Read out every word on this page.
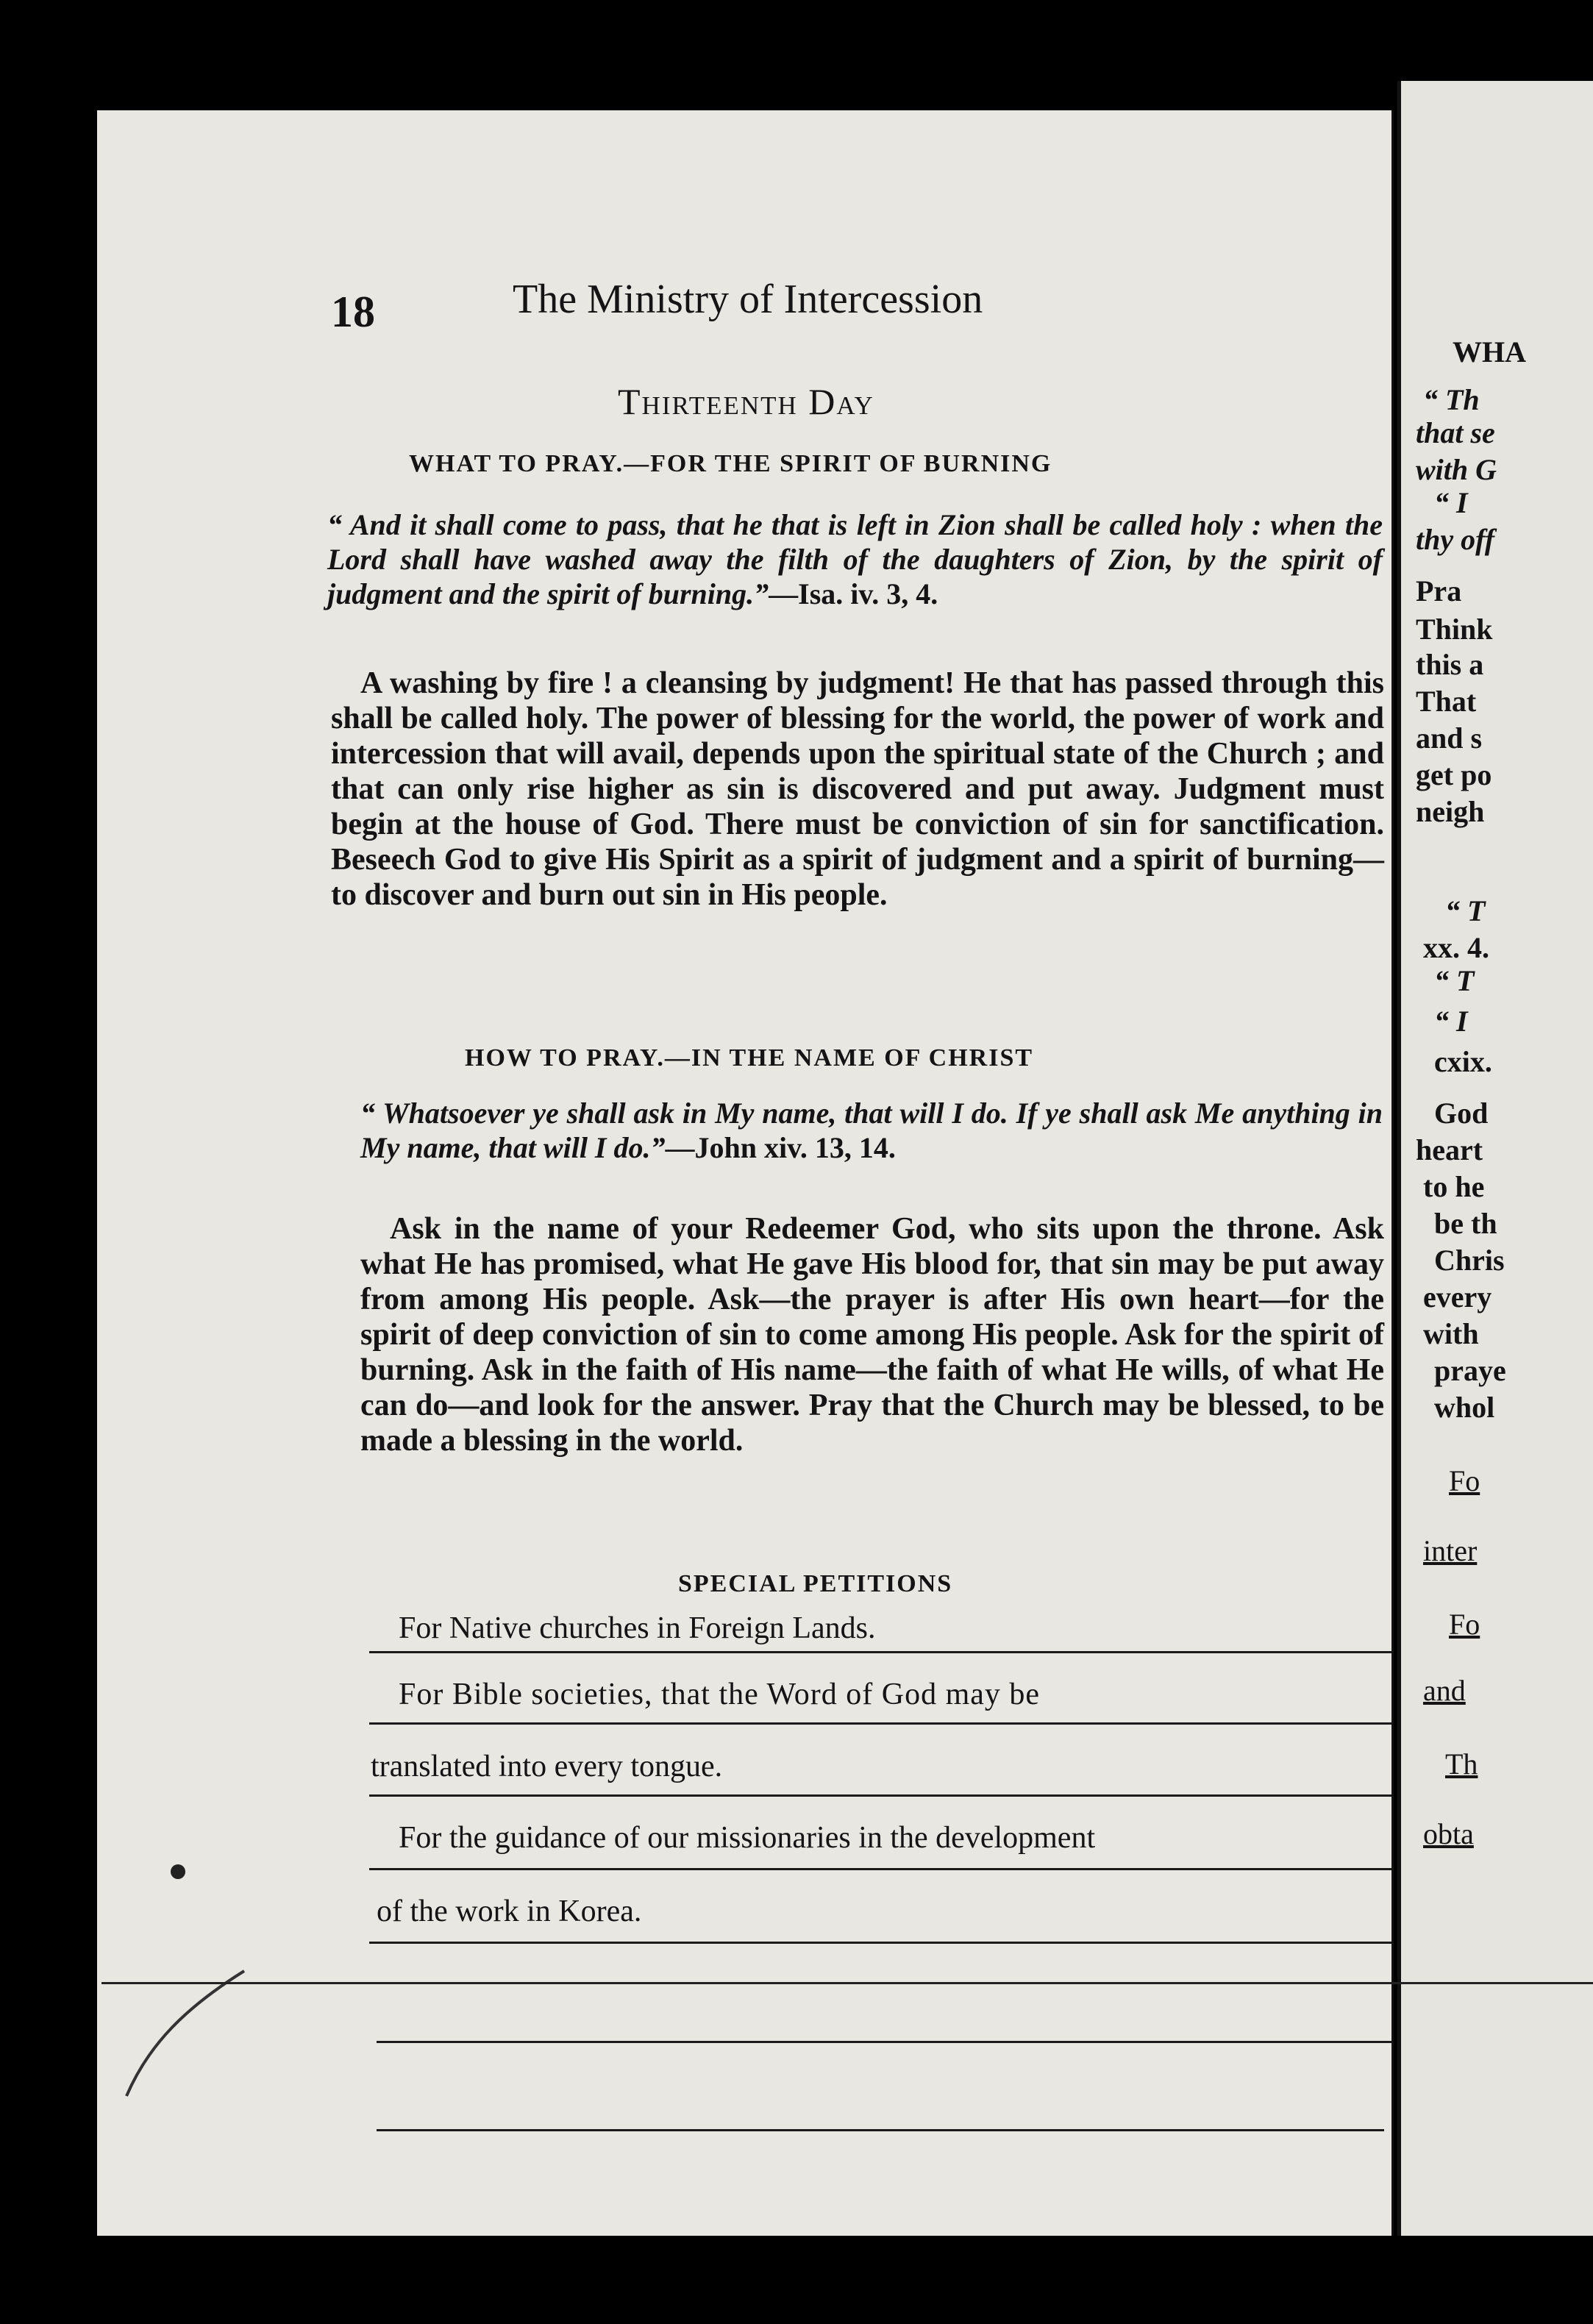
18	The Ministry of Intercession
Thirteenth Day
WHAT TO PRAY.—FOR THE SPIRIT OF BURNING
“ And it shall come to pass, that he that is left in Zion shall be called holy : when the Lord shall have washed away the filth of the daughters of Zion, by the spirit of judgment and the spirit of burning.”—Isa. iv. 3, 4.
A washing by fire ! a cleansing by judgment! He that has passed through this shall be called holy. The power of blessing for the world, the power of work and intercession that will avail, depends upon the spiritual state of the Church ; and that can only rise higher as sin is discovered and put away. Judgment must begin at the house of God. There must be conviction of sin for sanctification. Beseech God to give His Spirit as a spirit of judgment and a spirit of burning—to discover and burn out sin in His people.
HOW TO PRAY.—IN THE NAME OF CHRIST
“ Whatsoever ye shall ask in My name, that will I do. If ye shall ask Me anything in My name, that will I do.”—John xiv. 13, 14.
Ask in the name of your Redeemer God, who sits upon the throne. Ask what He has promised, what He gave His blood for, that sin may be put away from among His people. Ask—the prayer is after His own heart—for the spirit of deep conviction of sin to come among His people. Ask for the spirit of burning. Ask in the faith of His name—the faith of what He wills, of what He can do—and look for the answer. Pray that the Church may be blessed, to be made a blessing in the world.
SPECIAL PETITIONS
For Native churches in Foreign Lands.
For Bible societies, that the Word of God may be
translated into every tongue.
For the guidance of our missionaries in the development
of the work in Korea.
WHA
“ Th
that se
with G
“ I
thy off
Pra
Think
this a
That
and s
get po
neigh
“ T
xx. 4.
“ T
“ I
cxix.
God
heart
to he
be th
Chris
every
with
praye
whol
Fo
inter
Fo
and
Th
obta
